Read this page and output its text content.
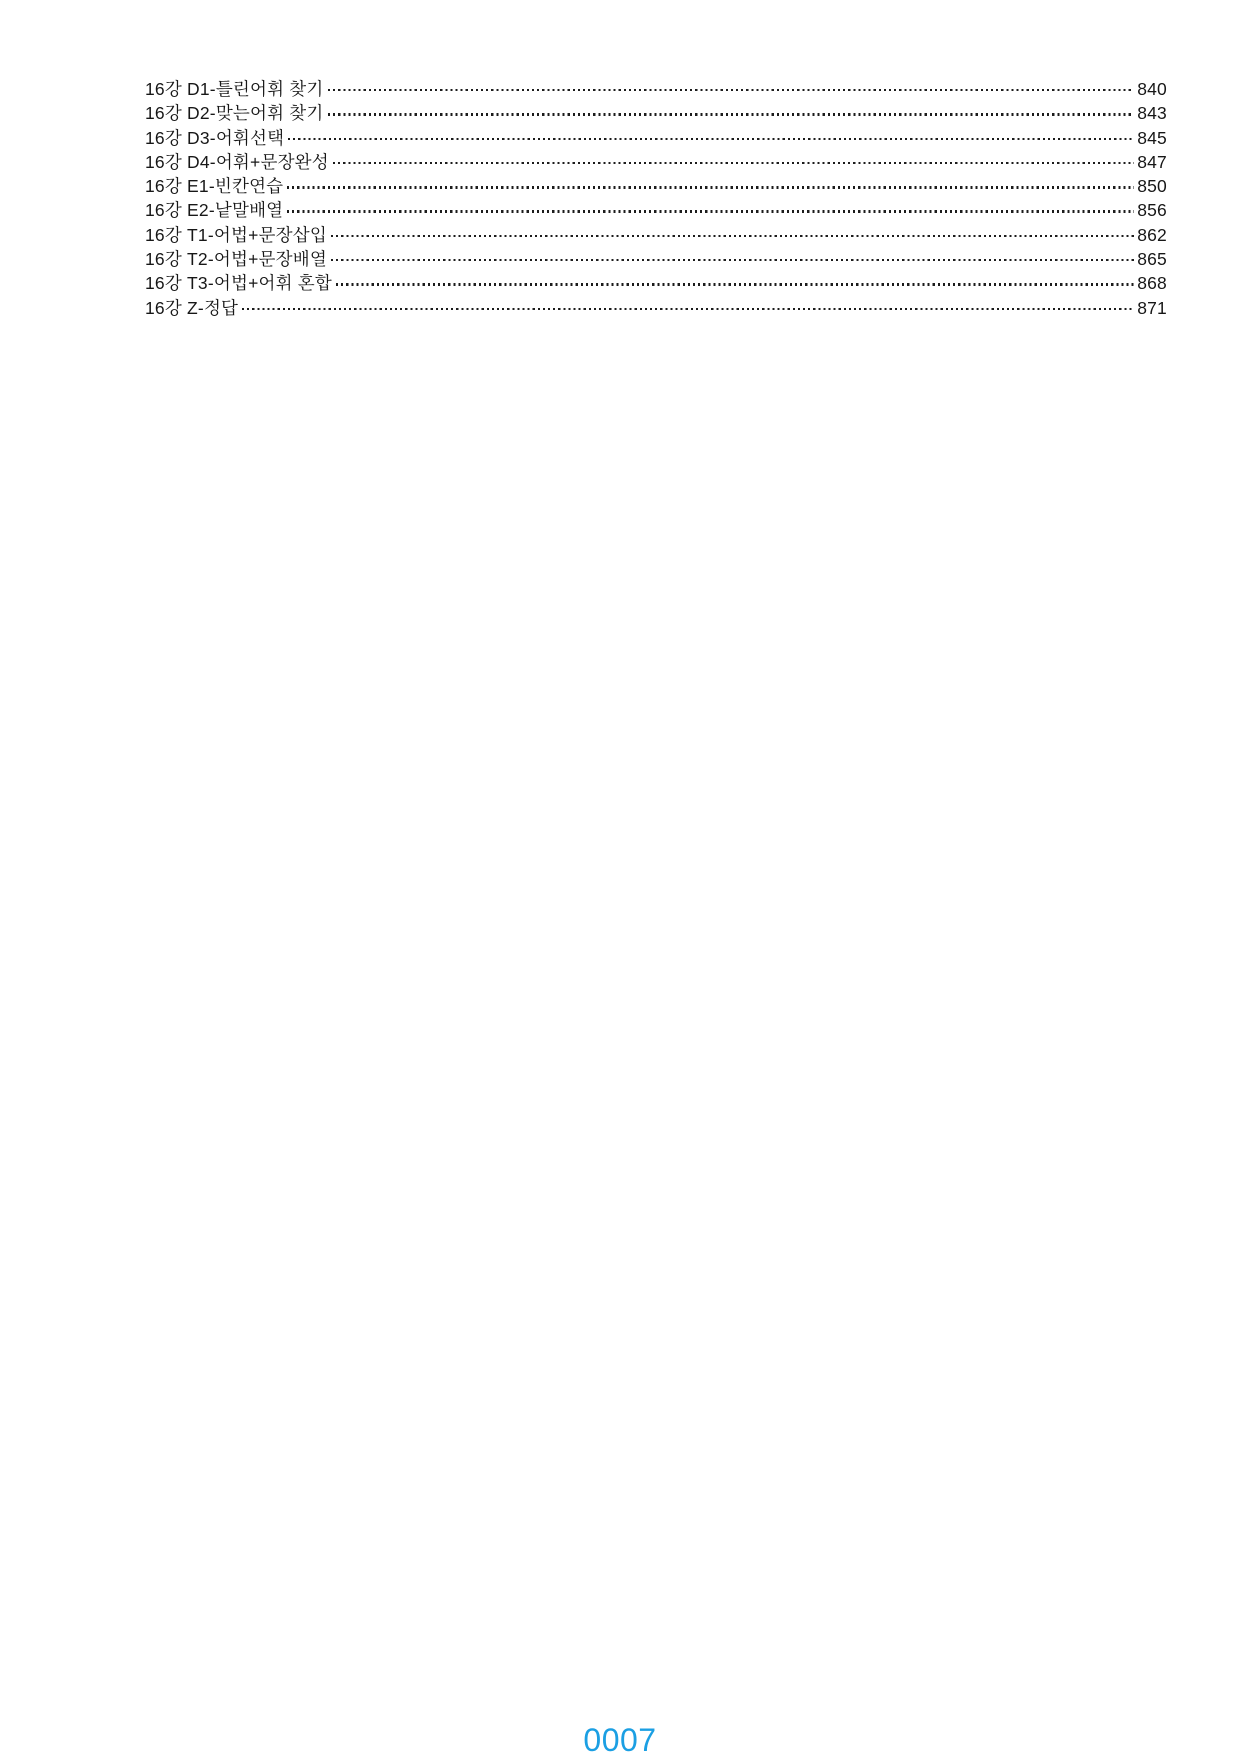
16강 D1-틀린어휘 찾기	840
16강 D2-맞는어휘 찾기	843
16강 D3-어휘선택	845
16강 D4-어휘+문장완성	847
16강 E1-빈칸연습	850
16강 E2-낱말배열	856
16강 T1-어법+문장삽입	862
16강 T2-어법+문장배열	865
16강 T3-어법+어휘 혼합	868
16강 Z-정답	871
0007
